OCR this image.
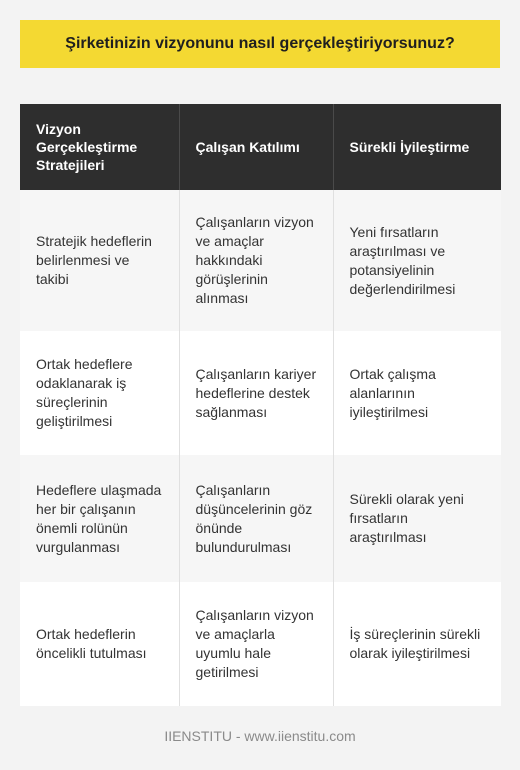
Şirketinizin vizyonunu nasıl gerçekleştiriyorsunuz?
Vizyon Gerçekleştirme Stratejileri	Çalışan Katılımı	Sürekli İyileştirme
Stratejik hedeflerin belirlenmesi ve takibi	Çalışanların vizyon ve amaçlar hakkındaki görüşlerinin alınması	Yeni fırsatların araştırılması ve potansiyelinin değerlendirilmesi
Ortak hedeflere odaklanarak iş süreçlerinin geliştirilmesi	Çalışanların kariyer hedeflerine destek sağlanması	Ortak çalışma alanlarının iyileştirilmesi
Hedeflere ulaşmada her bir çalışanın önemli rolünün vurgulanması	Çalışanların düşüncelerinin göz önünde bulundurulması	Sürekli olarak yeni fırsatların araştırılması
Ortak hedeflerin öncelikli tutulması	Çalışanların vizyon ve amaçlarla uyumlu hale getirilmesi	İş süreçlerinin sürekli olarak iyileştirilmesi
IIENSTITU - www.iienstitu.com
